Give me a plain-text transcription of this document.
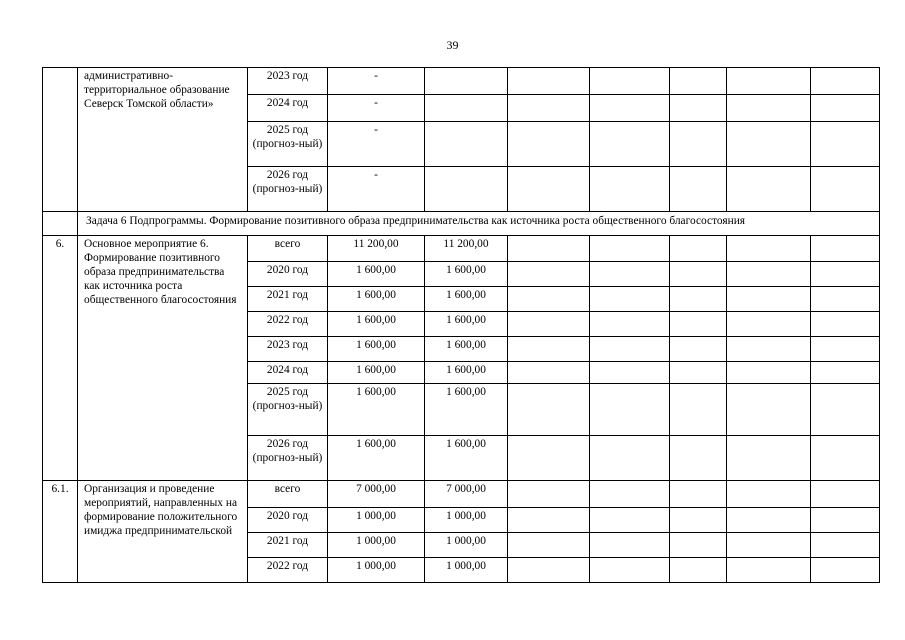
39
	административно-территориальное образование Северск Томской области»	2023 год	-						
		2024 год	-						
		2025 год (прогноз-ный)	-						
		2026 год (прогноз-ный)	-						
	Задача 6 Подпрограммы. Формирование позитивного образа предпринимательства как источника роста общественного благосостояния								
6.	Основное мероприятие 6. Формирование позитивного образа предпринимательства как источника роста общественного благосостояния	всего	11 200,00	11 200,00					
		2020 год	1 600,00	1 600,00					
		2021 год	1 600,00	1 600,00					
		2022 год	1 600,00	1 600,00					
		2023 год	1 600,00	1 600,00					
		2024 год	1 600,00	1 600,00					
		2025 год (прогноз-ный)	1 600,00	1 600,00					
		2026 год (прогноз-ный)	1 600,00	1 600,00					
6.1.	Организация и проведение мероприятий, направленных на формирование положительного имиджа предпринимательской	всего	7 000,00	7 000,00					
		2020 год	1 000,00	1 000,00					
		2021 год	1 000,00	1 000,00					
		2022 год	1 000,00	1 000,00					
